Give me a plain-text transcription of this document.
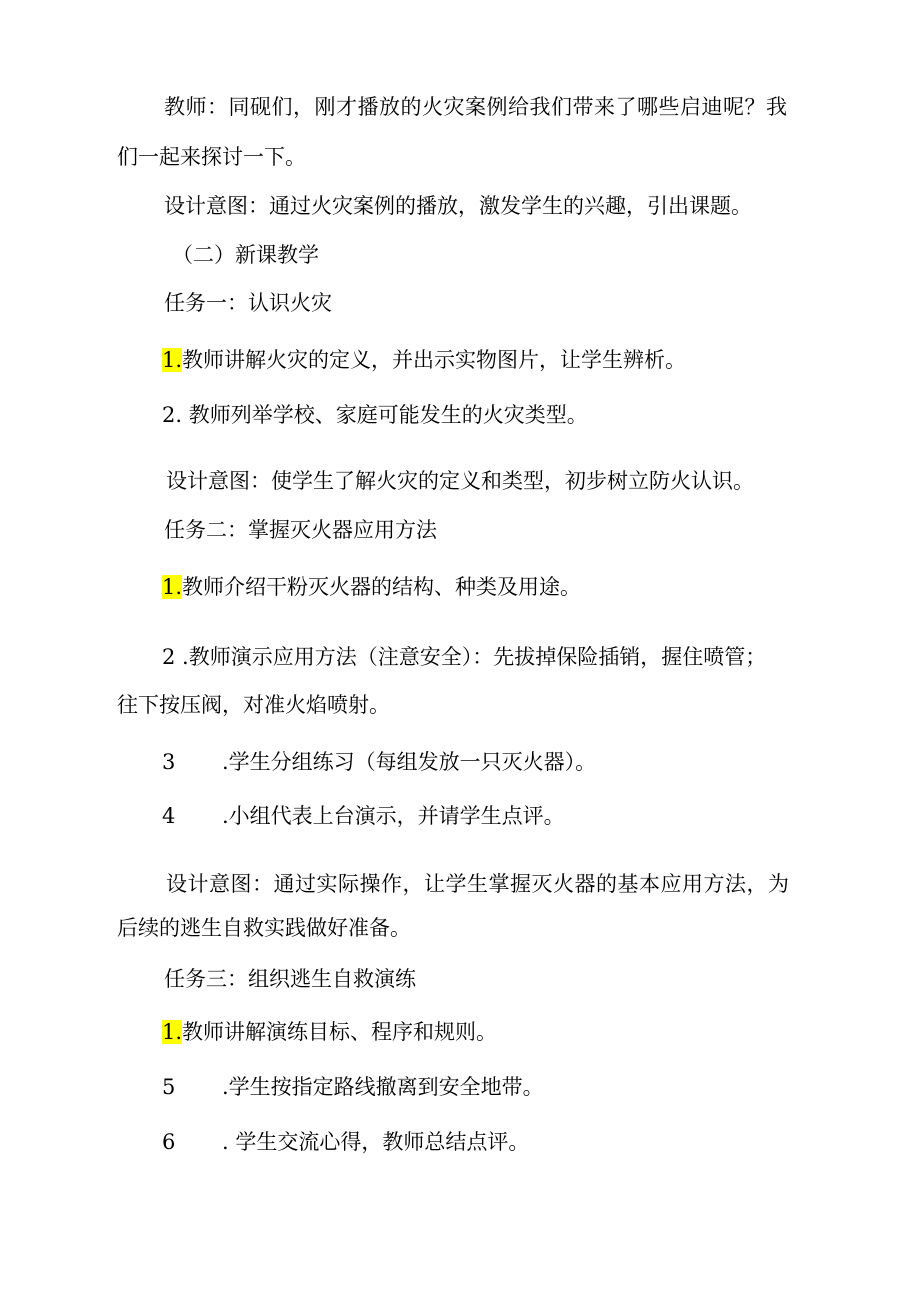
教师：同砚们，刚才播放的火灾案例给我们带来了哪些启迪呢？我
们一起来探讨一下。
设计意图：通过火灾案例的播放，激发学生的兴趣，引出课题。
（二）新课教学
任务一：认识火灾
1.教师讲解火灾的定义，并出示实物图片，让学生辨析。
2. 教师列举学校、家庭可能发生的火灾类型。
设计意图：使学生了解火灾的定义和类型，初步树立防火认识。
任务二：掌握灭火器应用方法
1.教师介绍干粉灭火器的结构、种类及用途。
2 .教师演示应用方法（注意安全）：先拔掉保险插销，握住喷管；
往下按压阀，对准火焰喷射。
3 .学生分组练习（每组发放一只灭火器）。
4 .小组代表上台演示，并请学生点评。
设计意图：通过实际操作，让学生掌握灭火器的基本应用方法，为
后续的逃生自救实践做好准备。
任务三：组织逃生自救演练
1.教师讲解演练目标、程序和规则。
5 .学生按指定路线撤离到安全地带。
6 . 学生交流心得，教师总结点评。
